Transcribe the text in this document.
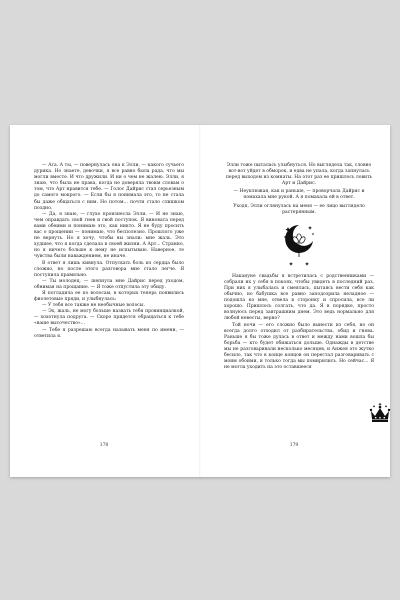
— Ага. А ты, — повернулась она к Элли, — какого сучьего дурика. Но знаете, девочки, я все равно была рада, что мы могли вместе. И что дружили. И ни о чем не жалею. Элли, я знаю, что была не права, когда не доверяла твоим словам о том, что Арт нравится тебе. — Голос Дайрис стал серьезным до самого мокрого. — Если бы я понимала это, то не стала бы даже общаться с ним. Но потом... почти стало слишком поздно.

— Да, я знаю, — глухо произнесла Элли. — И не знаю, чем оправдать свой гнев и свой поступок. Я виновата перед вами обеими и понимаю это, как никто. Я не буду просить вас о прощении — понимаю, что бесполезно. Прошлого уже не вернуть. Но я хочу, чтобы вы знали: мне жаль. Это худшее, что я когда сделала в своей жизни. А Арт... Странно, но я ничего больше к нему не испытываю. Наверное, те чувства были наваждением, не иначе.

В ответ я лишь кивнула. Отпускать боль из сердца было сложно, но после этого разговора мне стало легче. Я поступила правильно.

— Ты молодец, — шепнула мне Дайрис перед уходом, обнимая на прощание. — Я тоже отпустила эту обиду.

Я погладила ее по волосам, в которых теперь появились фиолетовые пряди, и улыбнулась:

— У тебя все также не необычные волосы.

— Эх, жаль, не могу больше назвать тебя провинциалкой, — хохотнула подруга. — Скоро придется обращаться к тебе «ваше высочество»...

— Тебе я разрешаю всегда называть меня по имени, — ответила я.

178

Элли тоже пыталась улыбнуться. Но выглядела так, словно вот-вот уйдет в обморок, и едва не упала, когда запнулась перед выходом из комнаты. На этот раз ее пришлось ловить Арт и Дайрис.

— Неуклюжая, как и раньше, — проворчала Дайрис и помахала мне рукой. А я помахала ей в ответ.

Уходя, Элли оглянулась на меня — ее лицо выглядело растерянным.

Накануне свадьбы я встретилась с родственниками — собрали их у себя в покоях, чтобы увидеть в последний раз. При них я улыбалась и смеялась, пытаясь вести себя как обычно, но бабушка все равно заподозрила неладное — подошла ко мне, отвела в сторонку и спросила, все ли хорошо. Пришлось солгать, что да. Я в порядке, просто волнуюсь перед завтрашним днем. Это ведь нормально для любой невесты, верно?

Той ночи — его сложно было вынести из себя, но он всегда долго отходил от разбирательства, обид и гнева. Раньше я бы тоже дулась в ответ и между нами вошла бы борьба — кто будет обижаться дольше. Однажды в детстве мы не разговаривали несколько месяцев, и Анжея это жутко бесило, так что в конце концов он перестал разговаривать с моим обоими, и только тогда мы помирились. Но сейчас... Я не могла уходить на это оставшееся

179
